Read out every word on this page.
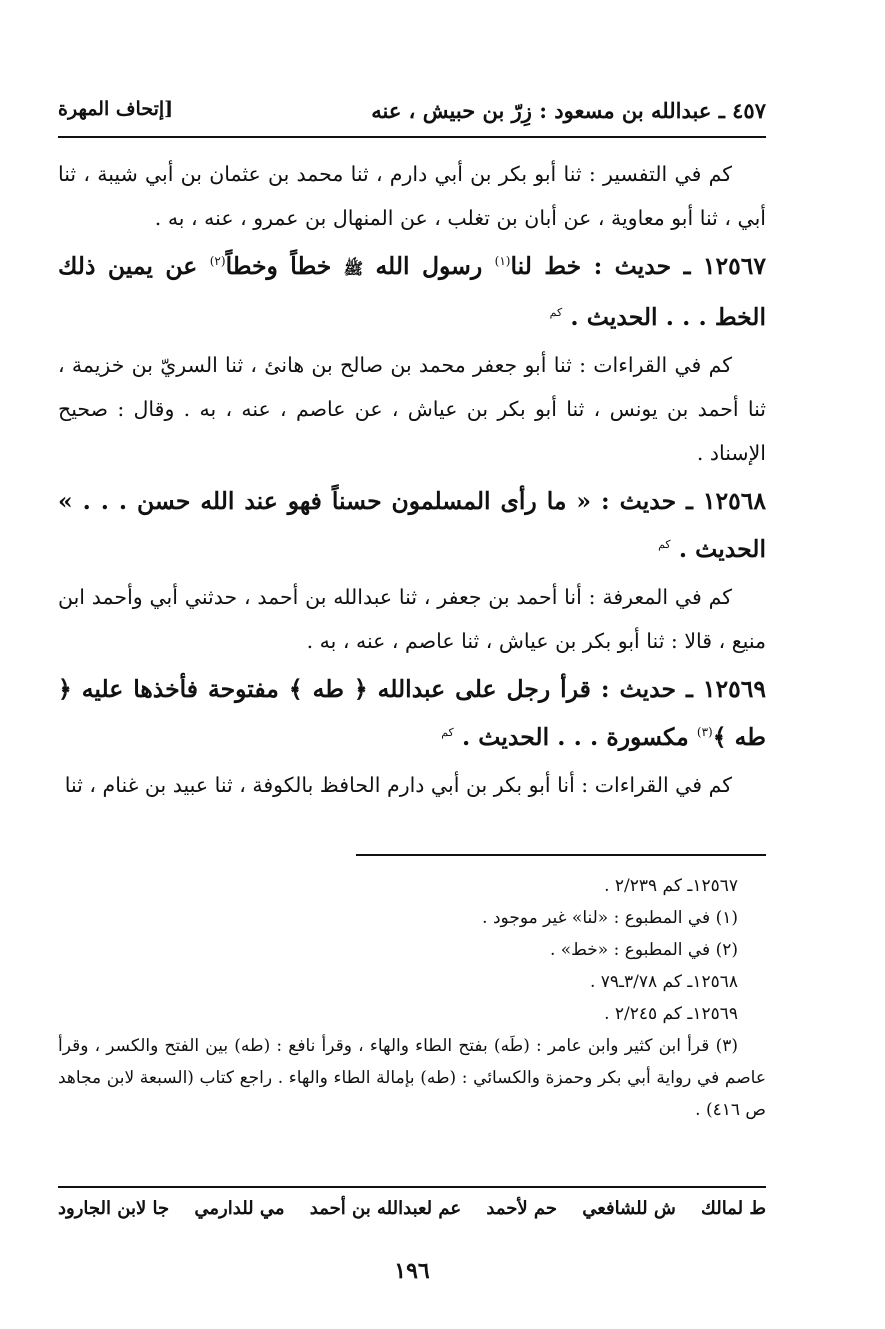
٤٥٧ ـ عبدالله بن مسعود : زِرّ بن حبيش ، عنه
[إتحاف المهرة

كم في التفسير : ثنا أبو بكر بن أبي دارم ، ثنا محمد بن عثمان بن أبي شيبة ، ثنا أبي ، ثنا أبو معاوية ، عن أبان بن تغلب ، عن المنهال بن عمرو ، عنه ، به .

١٢٥٦٧ ـ حديث : خط لنا$^{(١)}$ رسول الله ﷺ خطاً وخطاً$^{(٢)}$ عن يمين ذلك الخط . . . الحديث . $^{كم}$

كم في القراءات : ثنا أبو جعفر محمد بن صالح بن هانئ ، ثنا السريّ بن خزيمة ، ثنا أحمد بن يونس ، ثنا أبو بكر بن عياش ، عن عاصم ، عنه ، به . وقال : صحيح الإسناد .

١٢٥٦٨ ـ حديث : « ما رأى المسلمون حسناً فهو عند الله حسن . . . » الحديث . $^{كم}$

كم في المعرفة : أنا أحمد بن جعفر ، ثنا عبدالله بن أحمد ، حدثني أبي وأحمد ابن منيع ، قالا : ثنا أبو بكر بن عياش ، ثنا عاصم ، عنه ، به .

١٢٥٦٩ ـ حديث : قرأ رجل على عبدالله ﴿ طه ﴾ مفتوحة فأخذها عليه ﴿ طه ﴾$^{(٣)}$ مكسورة . . . الحديث . $^{كم}$

كم في القراءات : أنا أبو بكر بن أبي دارم الحافظ بالكوفة ، ثنا عبيد بن غنام ، ثنا

١٢٥٦٧ـ كم ٢/٢٣٩ .

(١) في المطبوع : «لنا» غير موجود .

(٢) في المطبوع : «خط» .

١٢٥٦٨ـ كم ٣/٧٨ـ٧٩ .

١٢٥٦٩ـ كم ٢/٢٤٥ .

(٣) قرأ ابن كثير وابن عامر : (طَه) بفتح الطاء والهاء ، وقرأ نافع : (طه) بين الفتح والكسر ، وقرأ عاصم في رواية أبي بكر وحمزة والكسائي : (طه) بإمالة الطاء والهاء . راجع كتاب (السبعة لابن مجاهد ص ٤١٦) .

ط لمالك
ش للشافعي
حم لأحمد
عم لعبدالله بن أحمد
مي للدارمي
جا لابن الجارود
١٩٦
